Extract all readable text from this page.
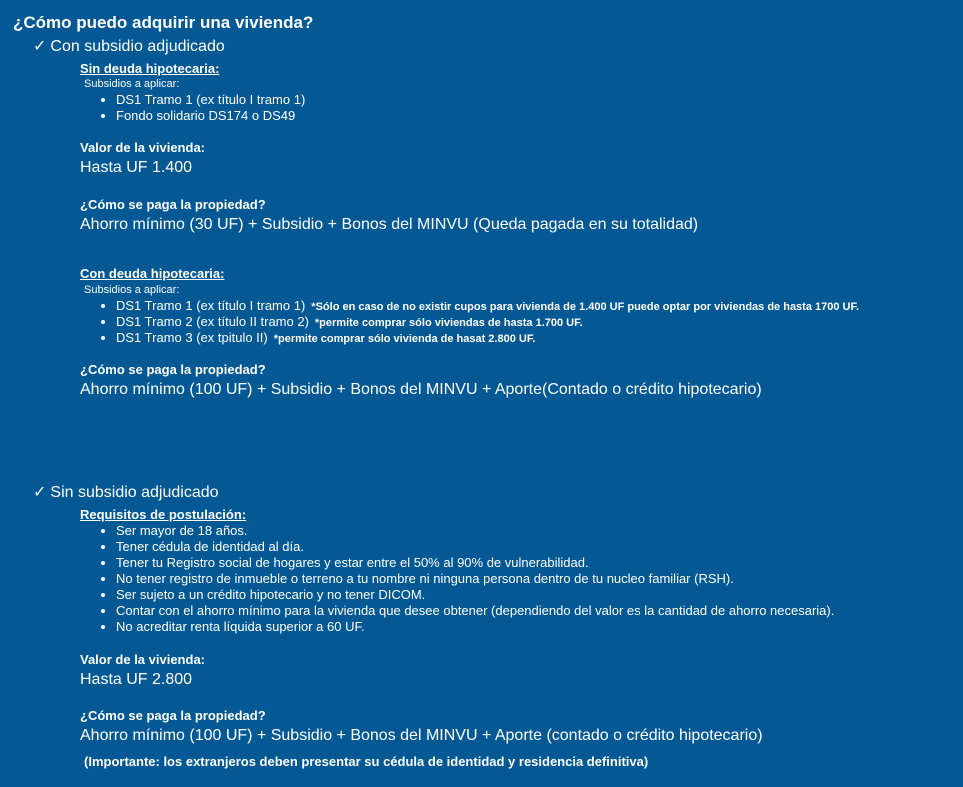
¿Cómo puedo adquirir una vivienda?
✓ Con subsidio adjudicado
Sin deuda hipotecaria:
Subsidios a aplicar:
DS1 Tramo 1 (ex título I tramo 1)
Fondo solidario DS174 o DS49
Valor de la vivienda:
Hasta UF 1.400
¿Cómo se paga la propiedad?
Ahorro mínimo (30 UF) + Subsidio + Bonos del MINVU (Queda pagada en su totalidad)
Con deuda hipotecaria:
Subsidios a aplicar:
DS1 Tramo 1 (ex título I tramo 1) *Sólo en caso de no existir cupos para vivienda de 1.400 UF puede optar por viviendas de hasta 1700 UF.
DS1 Tramo 2 (ex título II tramo 2) *permite comprar sólo viviendas de hasta 1.700 UF.
DS1 Tramo 3 (ex tpitulo II) *permite comprar sólo vivienda de hasat 2.800 UF.
¿Cómo se paga la propiedad?
Ahorro mínimo (100 UF) + Subsidio + Bonos del MINVU + Aporte(Contado o crédito hipotecario)
✓ Sin subsidio adjudicado
Requisitos de postulación:
Ser mayor de 18 años.
Tener cédula de identidad al día.
Tener tu Registro social de hogares y estar entre el 50% al 90% de vulnerabilidad.
No tener registro de inmueble o terreno a tu nombre ni ninguna persona dentro de tu nucleo familiar (RSH).
Ser sujeto a un crédito hipotecario y no tener DICOM.
Contar con el ahorro mínimo para la vivienda que desee obtener (dependiendo del valor es la cantidad de ahorro necesaria).
No acreditar renta líquida superior a 60 UF.
Valor de la vivienda:
Hasta UF 2.800
¿Cómo se paga la propiedad?
Ahorro mínimo (100 UF) + Subsidio + Bonos del MINVU + Aporte (contado o crédito hipotecario)
(Importante: los extranjeros deben presentar su cédula de identidad y residencia definitiva)
